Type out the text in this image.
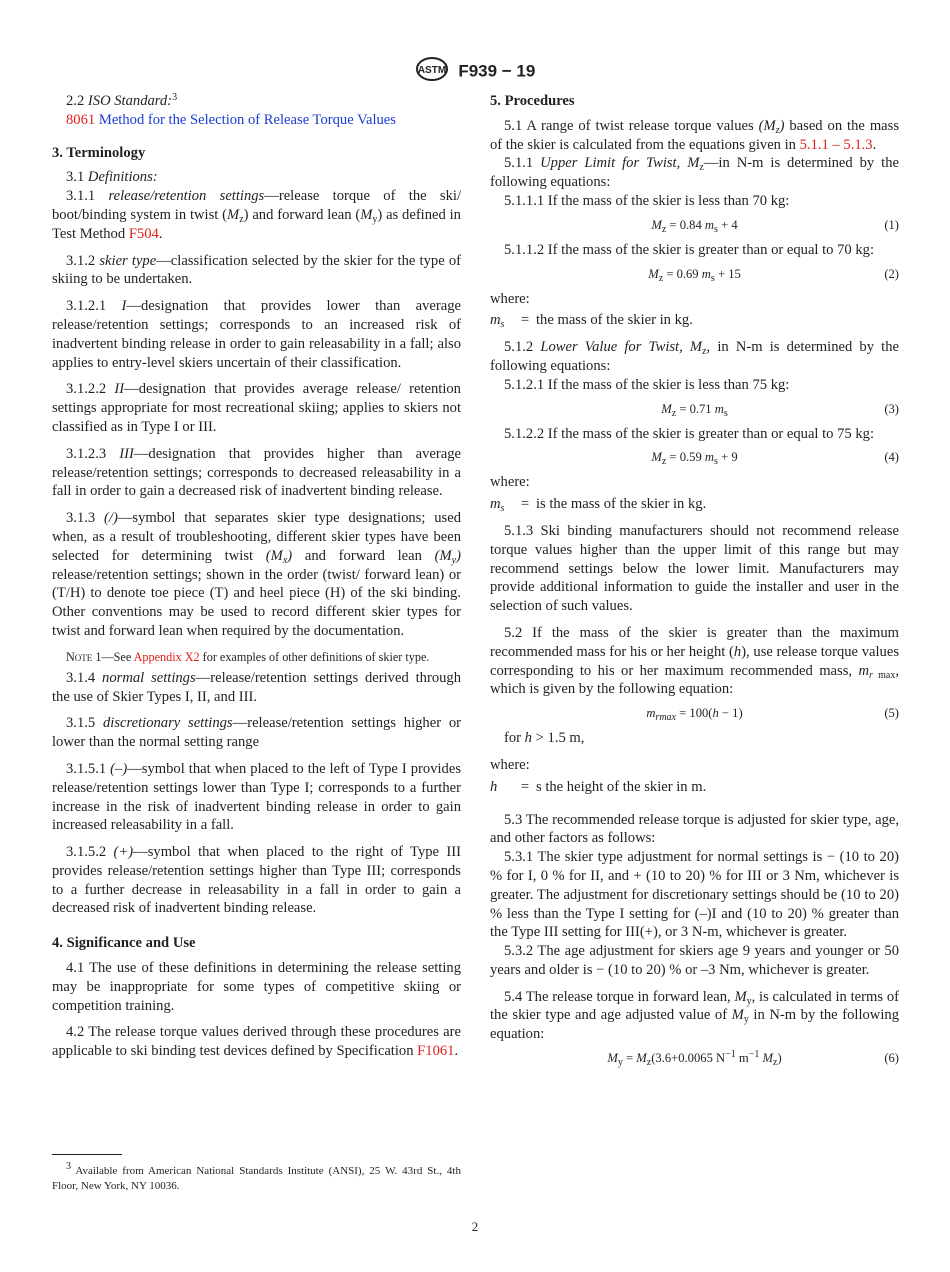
ASTM F939 − 19

2.2 ISO Standard:$^3$

8061 Method for the Selection of Release Torque Values

3. Terminology

3.1 Definitions:

3.1.1 release/retention settings—release torque of the ski/ boot/binding system in twist $(M_z)$ and forward lean $(M_y)$ as defined in Test Method F504.

3.1.2 skier type—classification selected by the skier for the type of skiing to be undertaken.

3.1.2.1 I—designation that provides lower than average release/retention settings; corresponds to an increased risk of inadvertent binding release in order to gain releasability in a fall; also applies to entry-level skiers uncertain of their classification.

3.1.2.2 II—designation that provides average release/ retention settings appropriate for most recreational skiing; applies to skiers not classified as in Type I or III.

3.1.2.3 III—designation that provides higher than average release/retention settings; corresponds to decreased releasability in a fall in order to gain a decreased risk of inadvertent binding release.

3.1.3 (/)—symbol that separates skier type designations; used when, as a result of troubleshooting, different skier types have been selected for determining twist $(M_x)$ and forward lean $(M_y)$ release/retention settings; shown in the order (twist/ forward lean) or (T/H) to denote toe piece (T) and heel piece (H) of the ski binding. Other conventions may be used to record different skier types for twist and forward lean when required by the documentation.

Note 1—See Appendix X2 for examples of other definitions of skier type.

3.1.4 normal settings—release/retention settings derived through the use of Skier Types I, II, and III.

3.1.5 discretionary settings—release/retention settings higher or lower than the normal setting range

3.1.5.1 (–)—symbol that when placed to the left of Type I provides release/retention settings lower than Type I; corresponds to a further increase in the risk of inadvertent binding release in order to gain increased releasability in a fall.

3.1.5.2 (+)—symbol that when placed to the right of Type III provides release/retention settings higher than Type III; corresponds to a further decrease in releasability in a fall in order to gain a decreased risk of inadvertent binding release.

4. Significance and Use

4.1 The use of these definitions in determining the release setting may be inappropriate for some types of competitive skiing or competition training.

4.2 The release torque values derived through these procedures are applicable to ski binding test devices defined by Specification F1061.

$^3$ Available from American National Standards Institute (ANSI), 25 W. 43rd St., 4th Floor, New York, NY 10036.

5. Procedures

5.1 A range of twist release torque values $(M_z)$ based on the mass of the skier is calculated from the equations given in 5.1.1 – 5.1.3.

5.1.1 Upper Limit for Twist, $M_z—in$ N-m is determined by the following equations:

5.1.1.1 If the mass of the skier is less than 70 kg:

$M_z = 0.84$ $m_s + 4$	(1)

5.1.1.2 If the mass of the skier is greater than or equal to 70 kg:

$M_z = 0.69$ $m_s + 15$	(2)

where:

$m_s$	= the mass of the skier in kg.

5.1.2 Lower Value for Twist, $M_z$, in N-m is determined by the following equations:

5.1.2.1 If the mass of the skier is less than 75 kg:

$M_z = 0.71$ $m_s$	(3)

5.1.2.2 If the mass of the skier is greater than or equal to 75 kg:

$M_z = 0.59$ $m_s + 9$	(4)

where:

$m_s$	= is the mass of the skier in kg.

5.1.3 Ski binding manufacturers should not recommend release torque values higher than the upper limit of this range but may recommend settings below the lower limit. Manufacturers may provide additional information to guide the installer and user in the selection of such values.

5.2 If the mass of the skier is greater than the maximum recommended mass for his or her height (h), use release torque values corresponding to his or her maximum recommended mass, $m_{r max}$, which is given by the following equation:

$m_{rmax} = 100(h - 1)$	(5)

for h > 1.5 m,

where:

h	= s the height of the skier in m.

5.3 The recommended release torque is adjusted for skier type, age, and other factors as follows:

5.3.1 The skier type adjustment for normal settings is − (10 to 20) % for I, 0 % for II, and + (10 to 20) % for III or 3 Nm, whichever is greater. The adjustment for discretionary settings should be (10 to 20) % less than the Type I setting for (–)I and (10 to 20) % greater than the Type III setting for III(+), or 3 N-m, whichever is greater.

5.3.2 The age adjustment for skiers age 9 years and younger or 50 years and older is − (10 to 20) % or –3 Nm, whichever is greater.

5.4 The release torque in forward lean, $M_y$, is calculated in terms of the skier type and age adjusted value of $M_y$ in N-m by the following equation:

$M_y = M_z(3.6+0.0065$ $N^{-1}$ $m^{-1}$ $M_z$)	(6)
2
